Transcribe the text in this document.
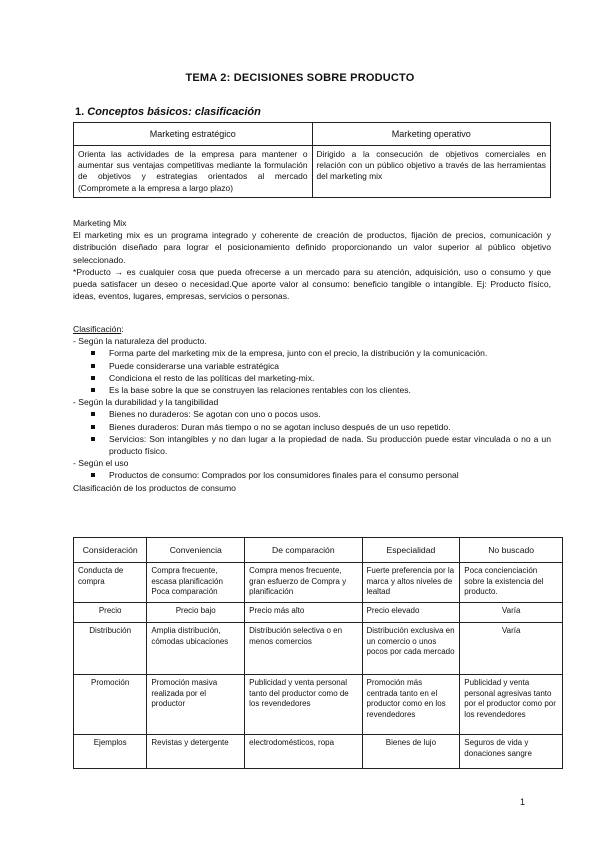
TEMA 2: DECISIONES SOBRE PRODUCTO
1. Conceptos básicos: clasificación
Marketing estratégico	Marketing operativo
Orienta las actividades de la empresa para mantener o aumentar sus ventajas competitivas mediante la formulación de objetivos y estrategias orientados al mercado (Compromete a la empresa a largo plazo)	Dirigido a la consecución de objetivos comerciales en relación con un público objetivo a través de las herramientas del marketing mix

Marketing Mix

El marketing mix es un programa integrado y coherente de creación de productos, fijación de precios, comunicación y distribución diseñado para lograr el posicionamiento definido proporcionando un valor superior al público objetivo seleccionado.

*Producto → es cualquier cosa que pueda ofrecerse a un mercado para su atención, adquisición, uso o consumo y que pueda satisfacer un deseo o necesidad.Que aporte valor al consumo: beneficio tangible o intangible. Ej: Producto físico, ideas, eventos, lugares, empresas, servicios o personas.

Clasificación:

- Según la naturaleza del producto.

Forma parte del marketing mix de la empresa, junto con el precio, la distribución y la comunicación.
Puede considerarse una variable estratégica
Condiciona el resto de las políticas del marketing-mix.
Es la base sobre la que se construyen las relaciones rentables con los clientes.

- Según la durabilidad y la tangibilidad

Bienes no duraderos: Se agotan con uno o pocos usos.
Bienes duraderos: Duran más tiempo o no se agotan incluso después de un uso repetido.
Servicios: Son intangibles y no dan lugar a la propiedad de nada. Su producción puede estar vinculada o no a un producto físico.

- Según el uso

Productos de consumo: Comprados por los consumidores finales para el consumo personal

Clasificación de los productos de consumo

Consideración	Conveniencia	De comparación	Especialidad	No buscado
Conducta de compra	Compra frecuente, escasa planificación Poca comparación	Compra menos frecuente, gran esfuerzo de Compra y planificación	Fuerte preferencia por la marca y altos niveles de lealtad	Poca concienciación sobre la existencia del producto.
Precio	Precio bajo	Precio más alto	Precio elevado	Varía
Distribución	Amplia distribución, cómodas ubicaciones	Distribución selectiva o en menos comercios	Distribución exclusiva en un comercio o unos pocos por cada mercado	Varía
Promoción	Promoción masiva realizada por el productor	Publicidad y venta personal tanto del productor como de los revendedores	Promoción más centrada tanto en el productor como en los revendedores	Publicidad y venta personal agresivas tanto por el productor como por los revendedores
Ejemplos	Revistas y detergente	electrodomésticos, ropa	Bienes de lujo	Seguros de vida y donaciones sangre
1
